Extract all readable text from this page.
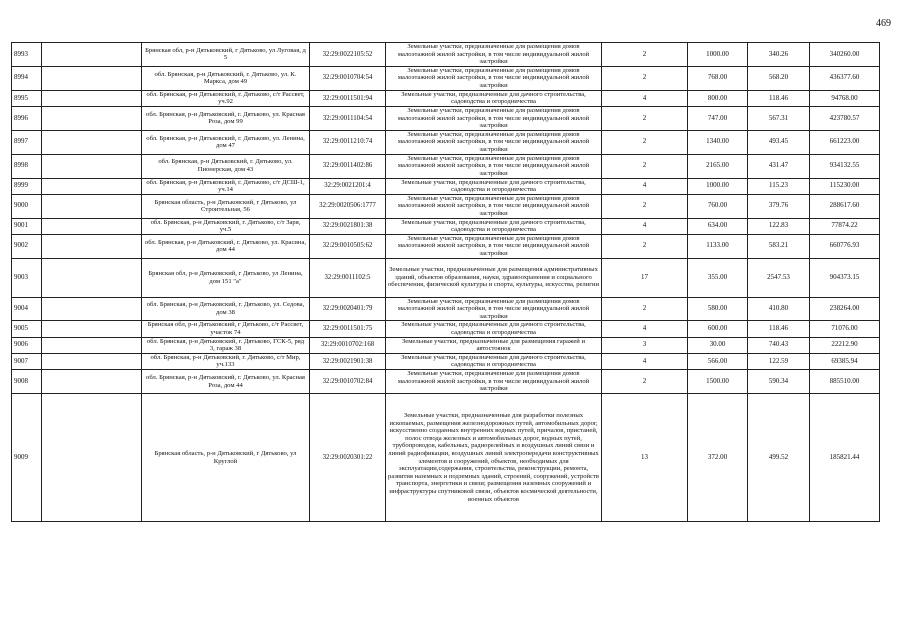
469
8993		Брянская обл, р-н Дятьковский, г Дятьково, ул Луговая, д 5	32:29:0022105:52	Земельные участки, предназначенные для размещения домов малоэтажной жилой застройки, в том числе индивидуальной жилой застройки	2	1000.00	340.26	340260.00
8994		обл. Брянская, р-н Дятьковский, г. Дятьково, ул. К. Маркса, дом 49	32:29:0010704:54	Земельные участки, предназначенные для размещения домов малоэтажной жилой застройки, в том числе индивидуальной жилой застройки	2	768.00	568.20	436377.60
8995		обл. Брянская, р-н Дятьковский, г. Дятьково, с/т Рассвет, уч.92	32:29:0011501:94	Земельные участки, предназначенные для дачного строительства, садоводства и огородничества	4	800.00	118.46	94768.00
8996		обл. Брянская, р-н Дятьковский, г. Дятьково, ул. Красная Роза, дом 99	32:29:0011104:54	Земельные участки, предназначенные для размещения домов малоэтажной жилой застройки, в том числе индивидуальной жилой застройки	2	747.00	567.31	423780.57
8997		обл. Брянская, р-н Дятьковский, г. Дятьково, ул. Ленина, дом 47	32:29:0011210:74	Земельные участки, предназначенные для размещения домов малоэтажной жилой застройки, в том числе индивидуальной жилой застройки	2	1340.00	493.45	661223.00
8998		обл. Брянская, р-н Дятьковский, г. Дятьково, ул. Пионерская, дом 43	32:29:0011402:86	Земельные участки, предназначенные для размещения домов малоэтажной жилой застройки, в том числе индивидуальной жилой застройки	2	2165.00	431.47	934132.55
8999		обл. Брянская, р-н Дятьковский, г. Дятьково, с/т ДСШ-1, уч.14	32:29:0021201:4	Земельные участки, предназначенные для дачного строительства, садоводства и огородничества	4	1000.00	115.23	115230.00
9000		Брянская область, р-н Дятьковский, г Дятьково, ул Строительная, 56	32:29:0020506:1777	Земельные участки, предназначенные для размещения домов малоэтажной жилой застройки, в том числе индивидуальной жилой застройки	2	760.00	379.76	288617.60
9001		обл. Брянская, р-н Дятьковский, г. Дятьково, с/т Заря, уч.5	32:29:0021801:38	Земельные участки, предназначенные для дачного строительства, садоводства и огородничества	4	634.00	122.83	77874.22
9002		обл. Брянская, р-н Дятьковский, г. Дятьково, ул. Красина, дом 44	32:29:0010505:62	Земельные участки, предназначенные для размещения домов малоэтажной жилой застройки, в том числе индивидуальной жилой застройки	2	1133.00	583.21	660776.93
9003		Брянская обл, р-н Дятьковский, г Дятьково, ул Ленина, дом 151 "а"	32:29:0011102:5	Земельные участки, предназначенные для размещения административных зданий, объектов образования, науки, здравоохранения и социального обеспечения, физической культуры и спорта, культуры, искусства, религии	17	355.00	2547.53	904373.15
9004		обл. Брянская, р-н Дятьковский, г. Дятьково, ул. Седова, дом 38	32:29:0020401:79	Земельные участки, предназначенные для размещения домов малоэтажной жилой застройки, в том числе индивидуальной жилой застройки	2	580.00	410.80	238264.00
9005		Брянская обл, р-н Дятьковский, г Дятьково, с/т Рассвет, участок 74	32:29:0011501:75	Земельные участки, предназначенные для дачного строительства, садоводства и огородничества	4	600.00	118.46	71076.00
9006		обл. Брянская, р-н Дятьковский, г. Дятьково, ГСК-5, ряд 3, гараж 38	32:29:0010702:168	Земельные участки, предназначенные для размещения гаражей и автостоянок	3	30.00	740.43	22212.90
9007		обл. Брянская, р-н Дятьковский, г. Дятьково, с/т Мир, уч.133	32:29:0021901:38	Земельные участки, предназначенные для дачного строительства, садоводства и огородничества	4	566.00	122.59	69385.94
9008		обл. Брянская, р-н Дятьковский, г. Дятьково, ул. Красная Роза, дом 44	32:29:0010702:84	Земельные участки, предназначенные для размещения домов малоэтажной жилой застройки, в том числе индивидуальной жилой застройки	2	1500.00	590.34	885510.00
9009		Брянская область, р-н Дятьковский, г Дятьково, ул Круглой	32:29:0020301:22	Земельные участки, предназначенные для разработки полезных ископаемых, размещения железнодорожных путей, автомобильных дорог, искусственно созданных внутренних водных путей, причалов, пристаней, полос отвода железных и автомобильных дорог, водных путей, трубопроводов, кабельных, радиорелейных и воздушных линий связи и линий радиофикации, воздушных линий электропередачи конструктивных элементов и сооружений, объектов, необходимых для эксплуатации,содержания, строительства, реконструкции, ремонта, развития наземных и подземных зданий, строений, сооружений, устройств транспорта, энергетики и связи; размещения наземных сооружений и инфраструктуры спутниковой связи, объектов космической деятельности, военных объектов	13	372.00	499.52	185821.44
